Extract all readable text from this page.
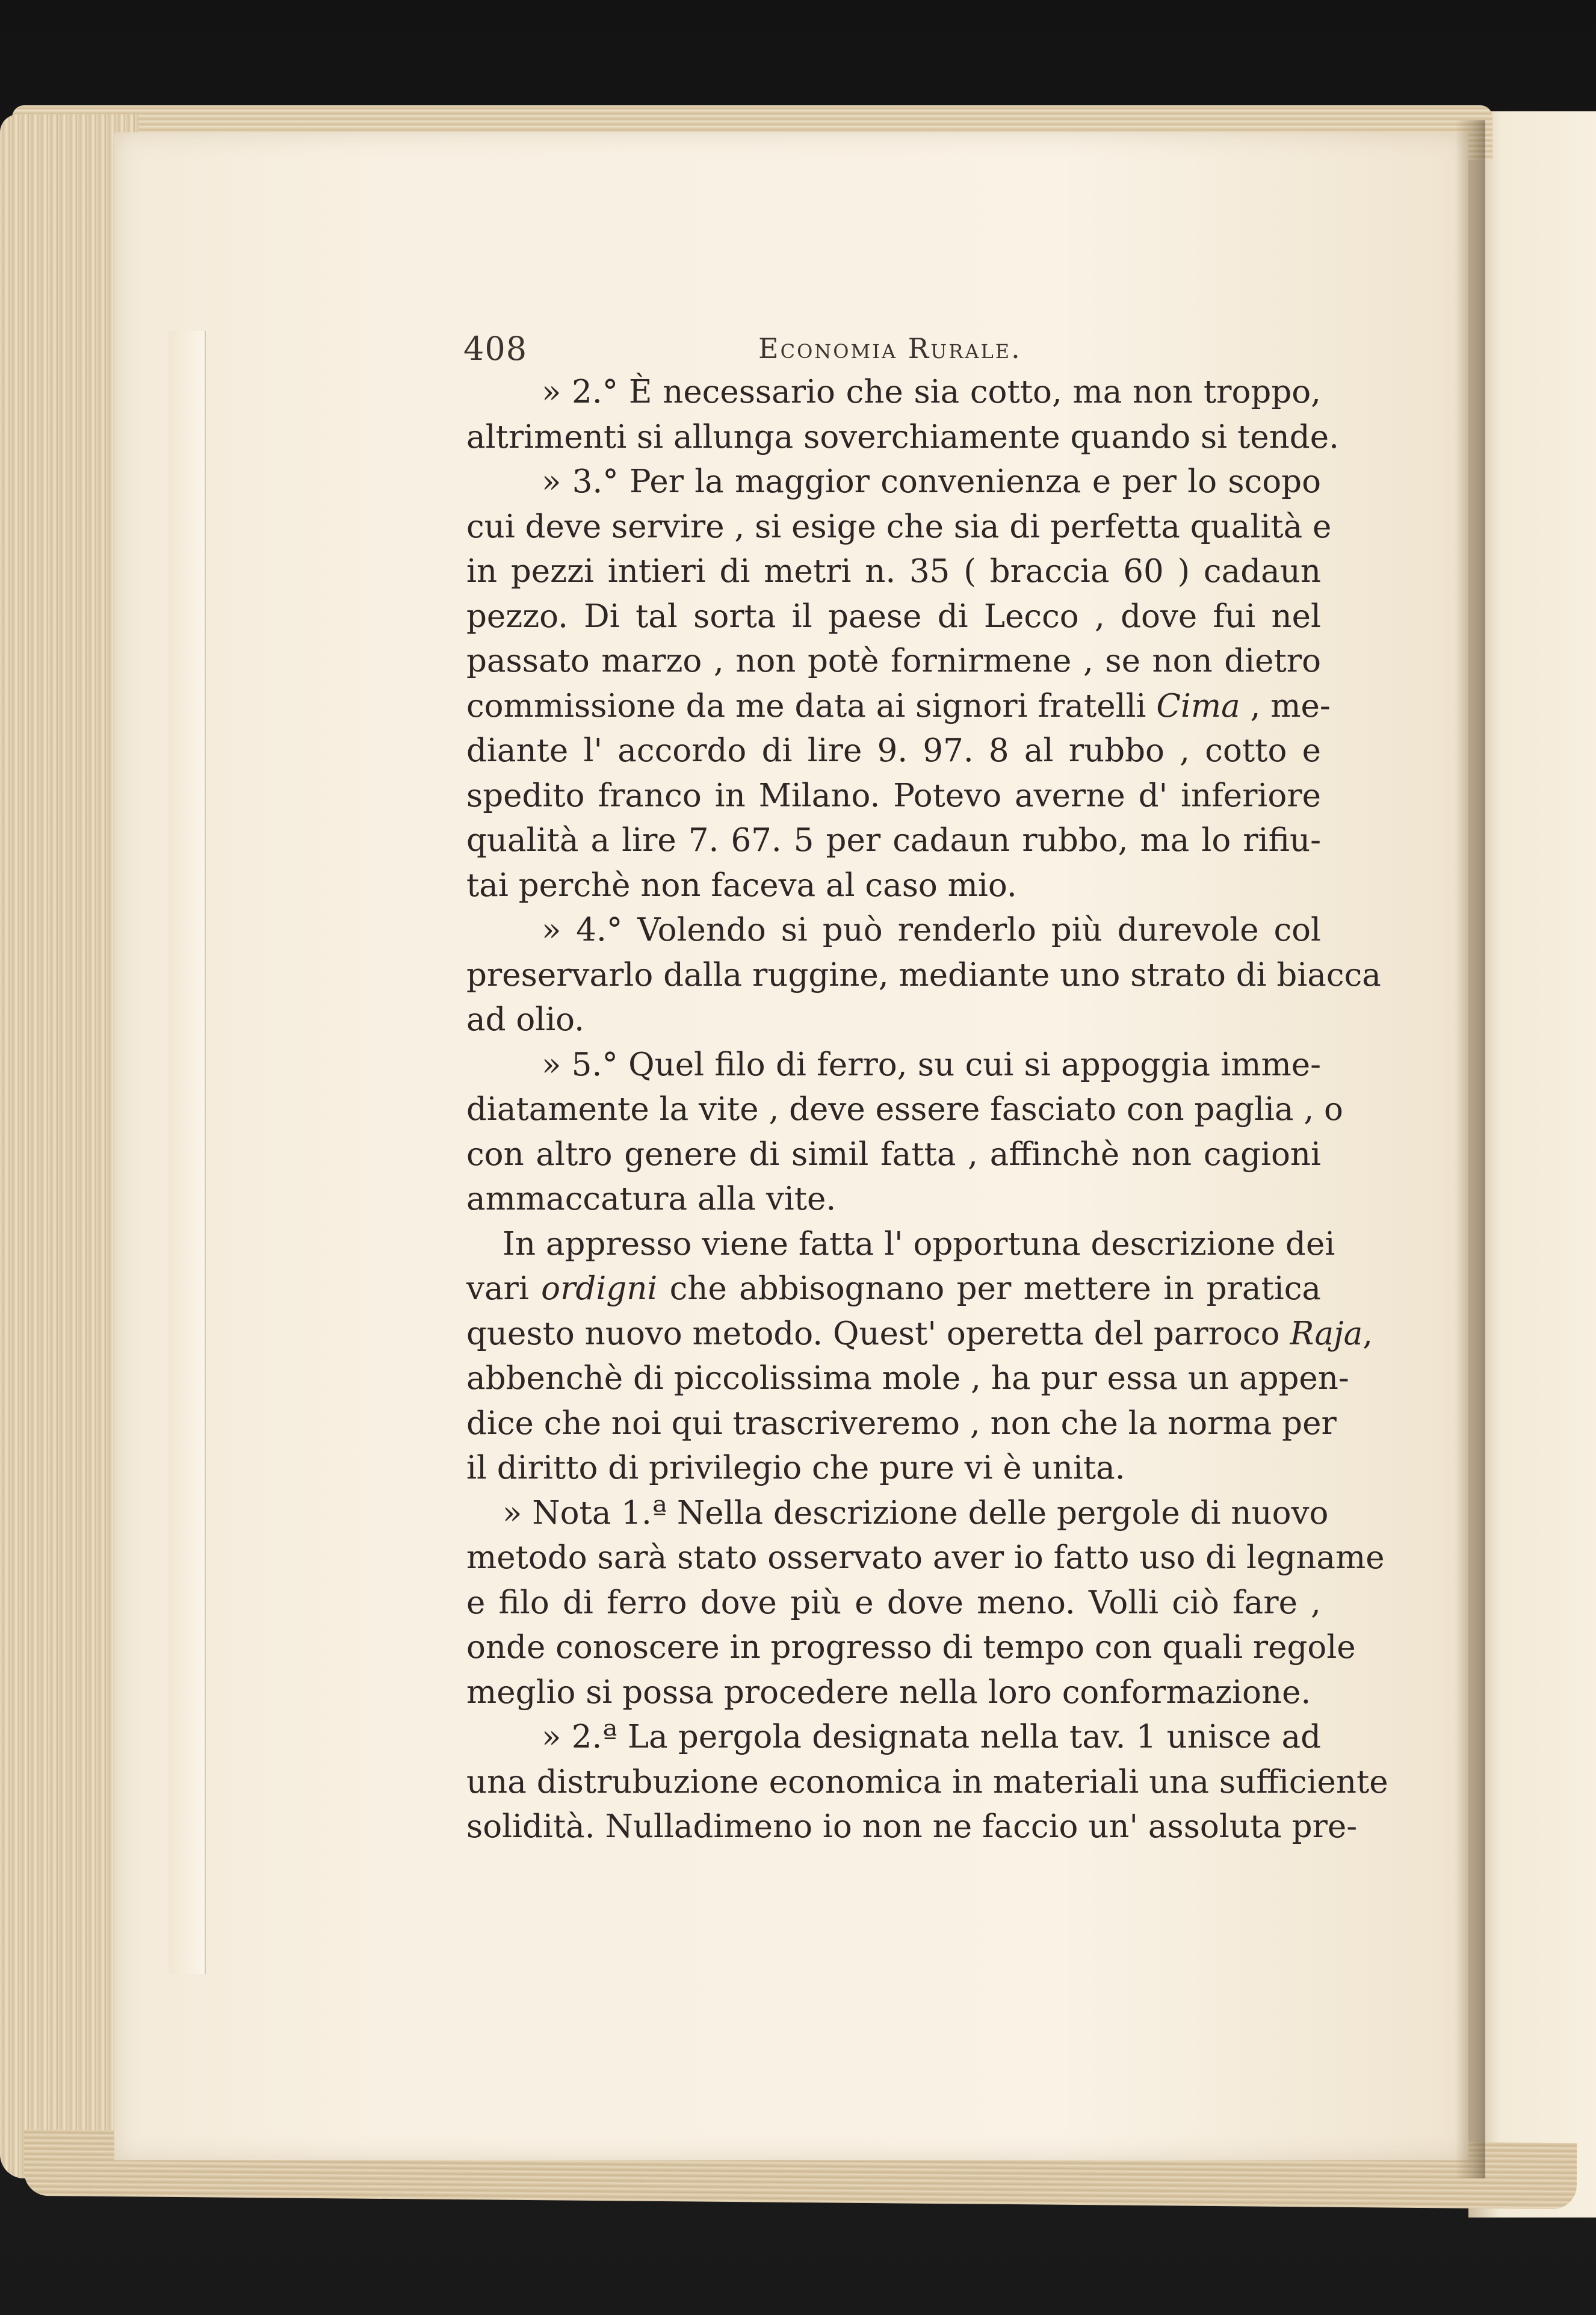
408	Economia Rurale.
» 2.° È necessario che sia cotto, ma non troppo,
altrimenti si allunga soverchiamente quando si tende.
» 3.° Per la maggior convenienza e per lo scopo
cui deve servire , si esige che sia di perfetta qualità e
in pezzi intieri di metri n. 35 ( braccia 60 ) cadaun
pezzo. Di tal sorta il paese di Lecco , dove fui nel
passato marzo , non potè fornirmene , se non dietro
commissione da me data ai signori fratelli Cima , me-
diante l' accordo di lire 9. 97. 8 al rubbo , cotto e
spedito franco in Milano. Potevo averne d' inferiore
qualità a lire 7. 67. 5 per cadaun rubbo, ma lo rifiu-
tai perchè non faceva al caso mio.
» 4.° Volendo si può renderlo più durevole col
preservarlo dalla ruggine, mediante uno strato di biacca
ad olio.
» 5.° Quel filo di ferro, su cui si appoggia imme-
diatamente la vite , deve essere fasciato con paglia , o
con altro genere di simil fatta , affinchè non cagioni
ammaccatura alla vite.
In appresso viene fatta l' opportuna descrizione dei
vari ordigni che abbisognano per mettere in pratica
questo nuovo metodo. Quest' operetta del parroco Raja,
abbenchè di piccolissima mole , ha pur essa un appen-
dice che noi qui trascriveremo , non che la norma per
il diritto di privilegio che pure vi è unita.
» Nota 1.ª Nella descrizione delle pergole di nuovo
metodo sarà stato osservato aver io fatto uso di legname
e filo di ferro dove più e dove meno. Volli ciò fare ,
onde conoscere in progresso di tempo con quali regole
meglio si possa procedere nella loro conformazione.
» 2.ª La pergola designata nella tav. 1 unisce ad
una distrubuzione economica in materiali una sufficiente
solidità. Nulladimeno io non ne faccio un' assoluta pre-
